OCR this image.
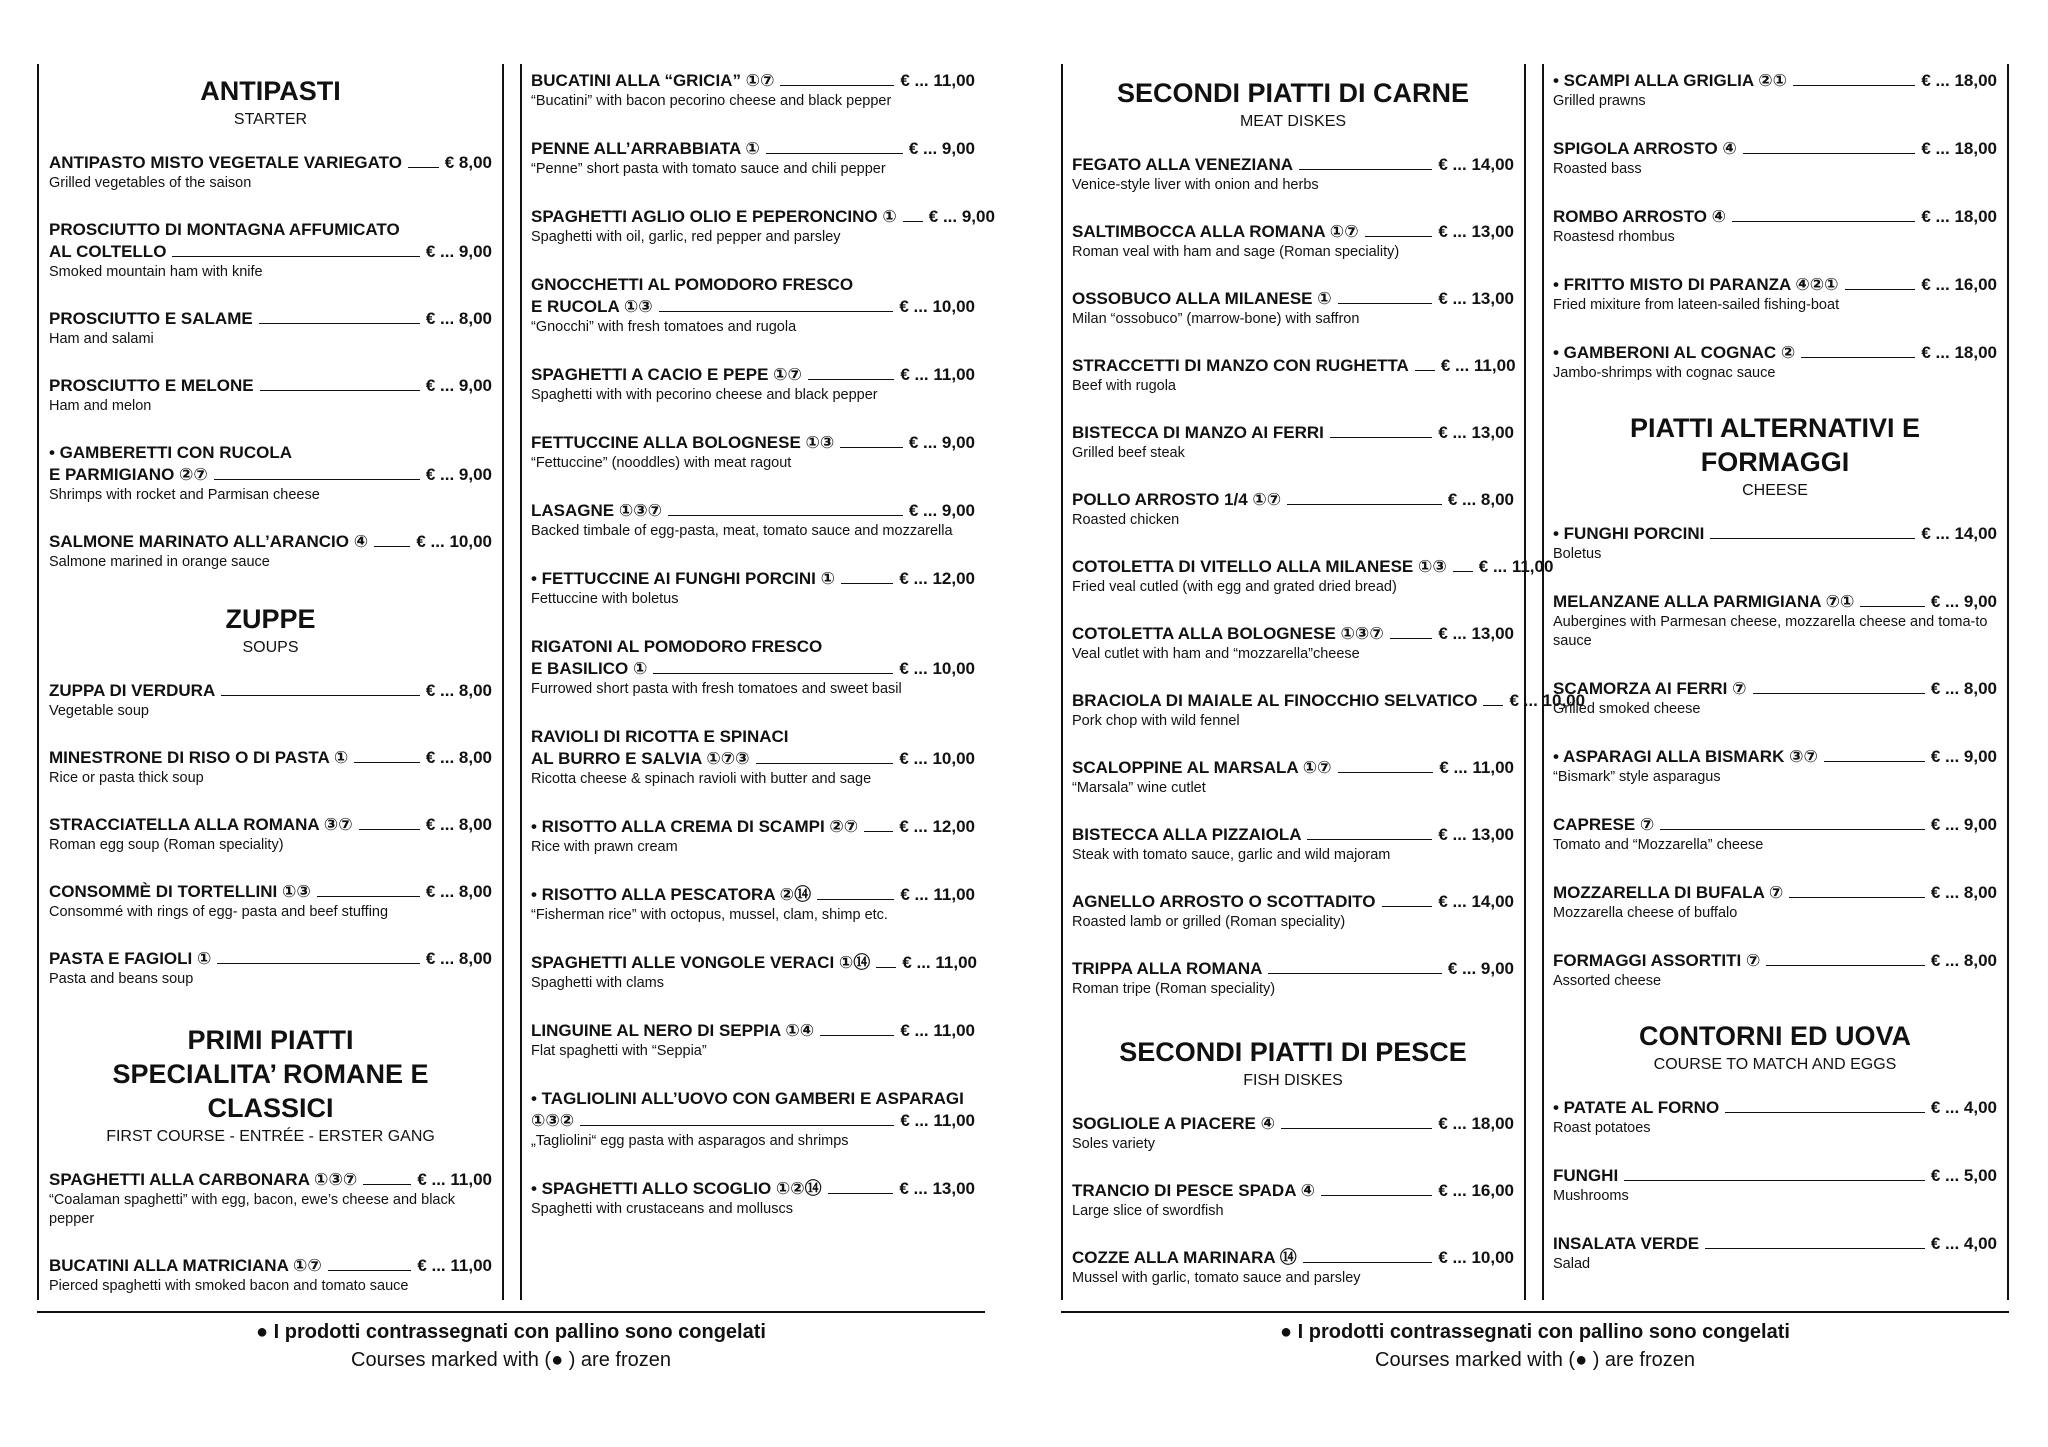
ANTIPASTI
STARTER
ANTIPASTO MISTO VEGETALE VARIEGATO	€ 8,00
Grilled vegetables of the saison
PROSCIUTTO DI MONTAGNA AFFUMICATO
AL COLTELLO	€ ... 9,00
Smoked mountain ham with knife
PROSCIUTTO E SALAME	€ ... 8,00
Ham and salami
PROSCIUTTO E MELONE	€ ... 9,00
Ham and melon
• GAMBERETTI CON RUCOLA
E PARMIGIANO ②⑦	€ ... 9,00
Shrimps with rocket and Parmisan cheese
SALMONE MARINATO ALL’ARANCIO ④	€ ... 10,00
Salmone marined in orange sauce
ZUPPE
SOUPS
ZUPPA DI VERDURA	€ ... 8,00
Vegetable soup
MINESTRONE DI RISO O DI PASTA ①	€ ... 8,00
Rice or pasta thick soup
STRACCIATELLA ALLA ROMANA ③⑦	€ ... 8,00
Roman egg soup (Roman speciality)
CONSOMMÈ DI TORTELLINI ①③	€ ... 8,00
Consommé with rings of egg- pasta and beef stuffing
PASTA E FAGIOLI ①	€ ... 8,00
Pasta and beans soup
PRIMI PIATTI
SPECIALITA’ ROMANE E CLASSICI
FIRST COURSE - ENTRÉE - ERSTER GANG
SPAGHETTI ALLA CARBONARA ①③⑦	€ ... 11,00
“Coalaman spaghetti” with egg, bacon, ewe’s cheese and black pepper
BUCATINI ALLA MATRICIANA ①⑦	€ ... 11,00
Pierced spaghetti with smoked bacon and tomato sauce
BUCATINI ALLA “GRICIA” ①⑦	€ ... 11,00
“Bucatini” with bacon pecorino cheese and black pepper
PENNE ALL’ARRABBIATA ①	€ ... 9,00
“Penne” short pasta with tomato sauce and chili pepper
SPAGHETTI AGLIO OLIO E PEPERONCINO ① € ... 9,00
Spaghetti with oil, garlic, red pepper and parsley
GNOCCHETTI AL POMODORO FRESCO
E RUCOLA ①③	€ ... 10,00
“Gnocchi” with fresh tomatoes and rugola
SPAGHETTI A CACIO E PEPE ①⑦	€ ... 11,00
Spaghetti with with pecorino cheese and black pepper
FETTUCCINE ALLA BOLOGNESE ①③	€ ... 9,00
“Fettuccine” (nooddles) with meat ragout
LASAGNE ①③⑦	€ ... 9,00
Backed timbale of egg-pasta, meat, tomato sauce and mozzarella
• FETTUCCINE AI FUNGHI PORCINI ①	€ ... 12,00
Fettuccine with boletus
RIGATONI AL POMODORO FRESCO
E BASILICO ①	€ ... 10,00
Furrowed short pasta with fresh tomatoes and sweet basil
RAVIOLI DI RICOTTA E SPINACI
AL BURRO E SALVIA ①⑦③	€ ... 10,00
Ricotta cheese & spinach ravioli with butter and sage
• RISOTTO ALLA CREMA DI SCAMPI ②⑦ € ... 12,00
Rice with prawn cream
• RISOTTO ALLA PESCATORA ②⑭	€ ... 11,00
“Fisherman rice” with octopus, mussel, clam, shimp etc.
SPAGHETTI ALLE VONGOLE VERACI ①⑭ € ... 11,00
Spaghetti with clams
LINGUINE AL NERO DI SEPPIA ①④	€ ... 11,00
Flat spaghetti with “Seppia”
• TAGLIOLINI ALL’UOVO CON GAMBERI E ASPARAGI
①③②	€ ... 11,00
„Tagliolini“ egg pasta with asparagos and shrimps
• SPAGHETTI ALLO SCOGLIO ①②⑭	€ ... 13,00
Spaghetti with crustaceans and molluscs
SECONDI PIATTI DI CARNE
MEAT DISKES
FEGATO ALLA VENEZIANA	€ ... 14,00
Venice-style liver with onion and herbs
SALTIMBOCCA ALLA ROMANA ①⑦	€ ... 13,00
Roman veal with ham and sage (Roman speciality)
OSSOBUCO ALLA MILANESE ①	€ ... 13,00
Milan “ossobuco” (marrow-bone) with saffron
STRACCETTI DI MANZO CON RUGHETTA € ... 11,00
Beef with rugola
BISTECCA DI MANZO AI FERRI	€ ... 13,00
Grilled beef steak
POLLO ARROSTO 1/4 ①⑦	€ ... 8,00
Roasted chicken
COTOLETTA DI VITELLO ALLA MILANESE ①③ € ... 11,00
Fried veal cutled (with egg and grated dried bread)
COTOLETTA ALLA BOLOGNESE ①③⑦	€ ... 13,00
Veal cutlet with ham and “mozzarella”cheese
BRACIOLA DI MAIALE AL FINOCCHIO SELVATICO € ... 10,00
Pork chop with wild fennel
SCALOPPINE AL MARSALA ①⑦	€ ... 11,00
“Marsala” wine cutlet
BISTECCA ALLA PIZZAIOLA	€ ... 13,00
Steak with tomato sauce, garlic and wild majoram
AGNELLO ARROSTO O SCOTTADITO	€ ... 14,00
Roasted lamb or grilled (Roman speciality)
TRIPPA ALLA ROMANA	€ ... 9,00
Roman tripe (Roman speciality)
SECONDI PIATTI DI PESCE
FISH DISKES
SOGLIOLE A PIACERE ④	€ ... 18,00
Soles variety
TRANCIO DI PESCE SPADA ④	€ ... 16,00
Large slice of swordfish
COZZE ALLA MARINARA ⑭	€ ... 10,00
Mussel with garlic, tomato sauce and parsley
• SCAMPI ALLA GRIGLIA ②①	€ ... 18,00
Grilled prawns
SPIGOLA ARROSTO ④	€ ... 18,00
Roasted bass
ROMBO ARROSTO ④	€ ... 18,00
Roastesd rhombus
• FRITTO MISTO DI PARANZA ④②①	€ ... 16,00
Fried mixiture from lateen-sailed fishing-boat
• GAMBERONI AL COGNAC ②	€ ... 18,00
Jambo-shrimps with cognac sauce
PIATTI ALTERNATIVI E FORMAGGI
CHEESE
• FUNGHI PORCINI	€ ... 14,00
Boletus
MELANZANE ALLA PARMIGIANA ⑦①	€ ... 9,00
Aubergines with Parmesan cheese, mozzarella cheese and toma-to sauce
SCAMORZA AI FERRI ⑦	€ ... 8,00
Grilled smoked cheese
• ASPARAGI ALLA BISMARK ③⑦	€ ... 9,00
“Bismark” style asparagus
CAPRESE ⑦	€ ... 9,00
Tomato and “Mozzarella” cheese
MOZZARELLA DI BUFALA ⑦	€ ... 8,00
Mozzarella cheese of buffalo
FORMAGGI ASSORTITI ⑦	€ ... 8,00
Assorted cheese
CONTORNI ED UOVA
COURSE TO MATCH AND EGGS
• PATATE AL FORNO	€ ... 4,00
Roast potatoes
FUNGHI	€ ... 5,00
Mushrooms
INSALATA VERDE	€ ... 4,00
Salad
● I prodotti contrassegnati con pallino sono congelati
Courses marked with (● ) are frozen
● I prodotti contrassegnati con pallino sono congelati
Courses marked with (● ) are frozen
